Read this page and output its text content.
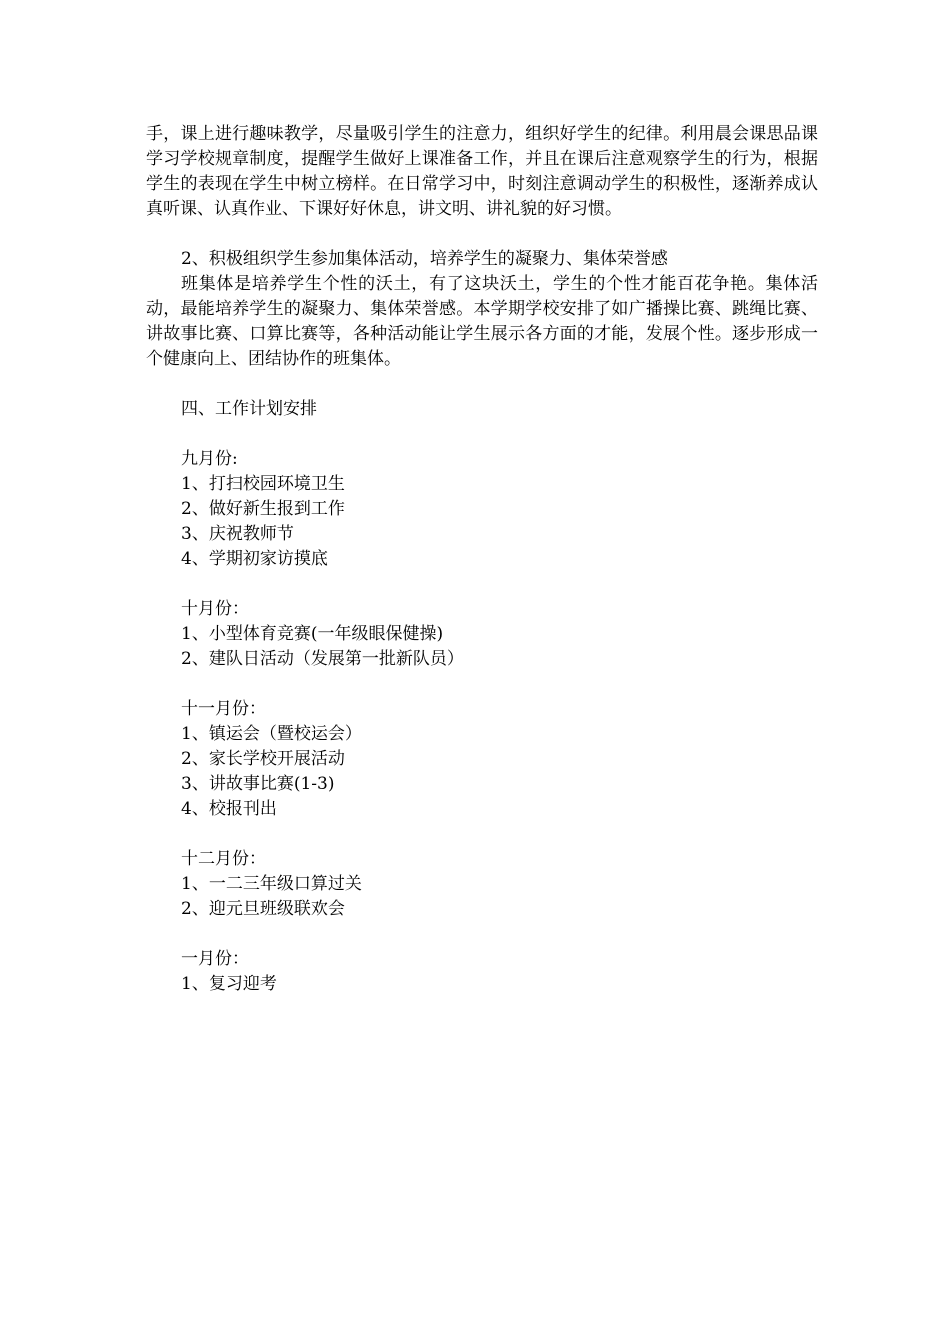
手，课上进行趣味教学，尽量吸引学生的注意力，组织好学生的纪律。利用晨会课思品课学习学校规章制度，提醒学生做好上课准备工作，并且在课后注意观察学生的行为，根据学生的表现在学生中树立榜样。在日常学习中，时刻注意调动学生的积极性，逐渐养成认真听课、认真作业、下课好好休息，讲文明、讲礼貌的好习惯。

2、积极组织学生参加集体活动，培养学生的凝聚力、集体荣誉感

班集体是培养学生个性的沃土，有了这块沃土，学生的个性才能百花争艳。集体活动，最能培养学生的凝聚力、集体荣誉感。本学期学校安排了如广播操比赛、跳绳比赛、讲故事比赛、口算比赛等，各种活动能让学生展示各方面的才能，发展个性。逐步形成一个健康向上、团结协作的班集体。

四、工作计划安排

九月份:

1、打扫校园环境卫生

2、做好新生报到工作

3、庆祝教师节

4、学期初家访摸底

十月份：

1、小型体育竞赛(一年级眼保健操)

2、建队日活动（发展第一批新队员）

十一月份：

1、镇运会（暨校运会）

2、家长学校开展活动

3、讲故事比赛(1-3)

4、校报刊出

十二月份：

1、一二三年级口算过关

2、迎元旦班级联欢会

一月份：

1、复习迎考
